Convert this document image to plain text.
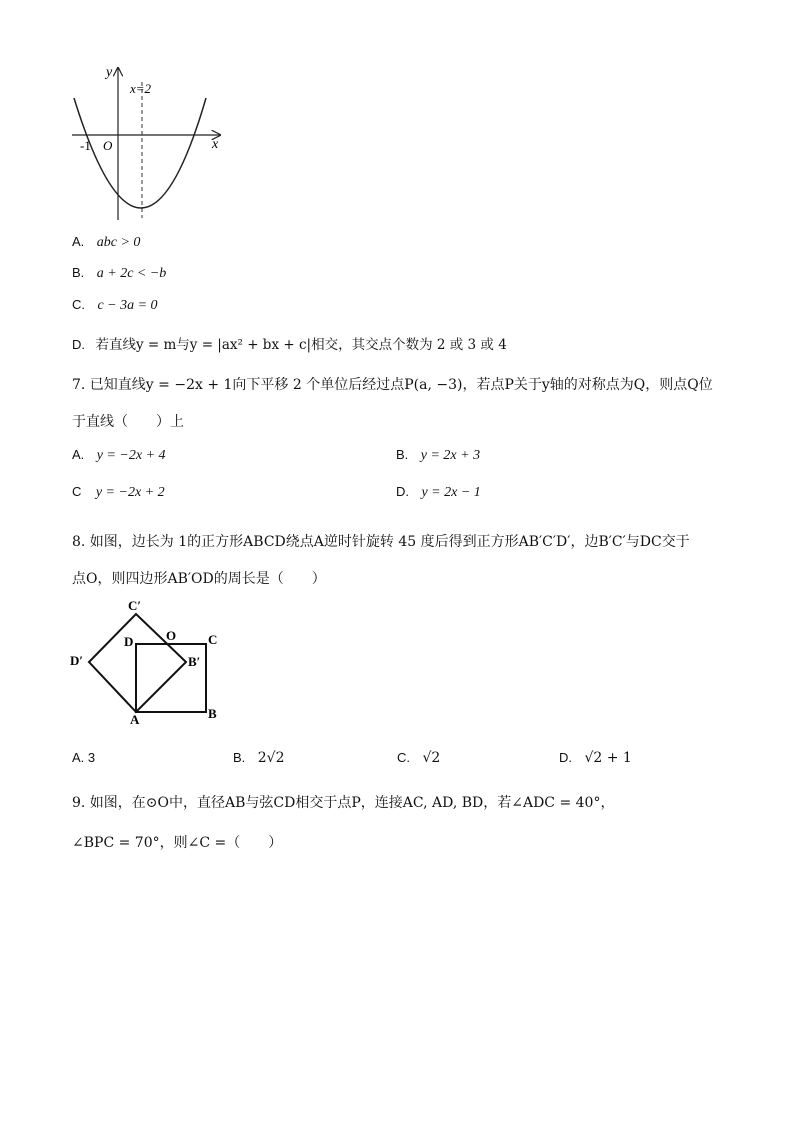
y
x=2
-1 O	x
A. abc > 0
B. a + 2c < −b
C. c − 3a = 0
D. 若直线y = m与y = |ax² + bx + c|相交，其交点个数为 2 或 3 或 4
7. 已知直线y = −2x + 1向下平移 2 个单位后经过点P(a, −3)，若点P关于y轴的对称点为Q，则点Q位
于直线（　　）上
A. y = −2x + 4	B. y = 2x + 3
C y = −2x + 2	D. y = 2x − 1
8. 如图，边长为 1的正方形ABCD绕点A逆时针旋转 45 度后得到正方形AB′C′D′，边B′C′与DC交于
点O，则四边形AB′OD的周长是（　　）
C′
D′
D	O C
B′
A	B
A. 3	B. 2√2	C. √2	D. √2 + 1
9. 如图，在⊙O中，直径AB与弦CD相交于点P，连接AC, AD, BD，若∠ADC = 40°，
∠BPC = 70°，则∠C =（　　）
